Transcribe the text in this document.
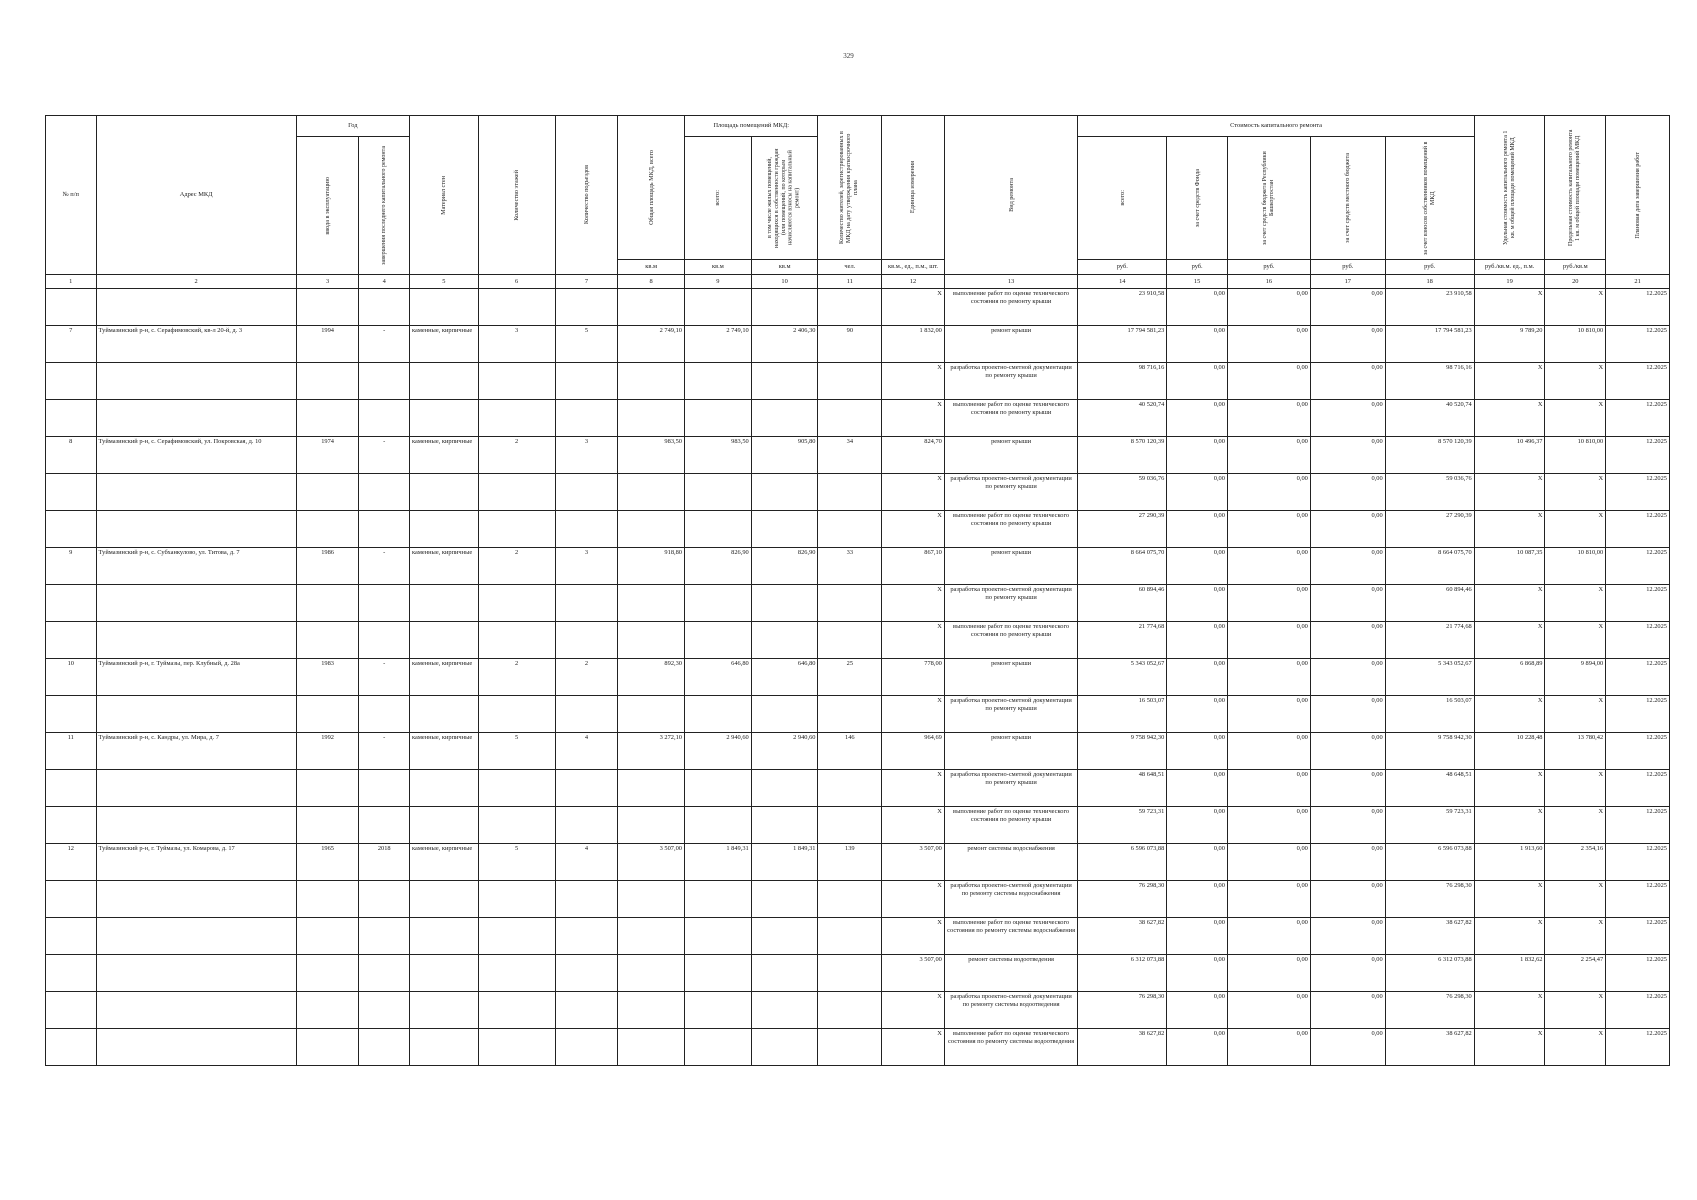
329
№ п/п	Адрес МКД	Год		Материал стен	Количество этажей	Количество подъездов	Общая площадь МКД, всего	Площадь помещений МКД:		Количество жителей, зарегистрированных в МКД на дату утверждения краткосрочного плана	Единица измерения	Вид ремонта	Стоимость капитального ремонта					Удельная стоимость капитального ремонта 1 кв. м общей площади помещений МКД	Предельная стоимость капитального ремонта 1 кв. м общей площади помещений МКД	Плановая дата завершения работ

		ввода в эксплуатацию	завершения последнего капитального ремонта					всего:	в том числе жилых помещений, находящихся в собственности граждан (или помещений, по которым начисляются взносы на капитальный ремонт)				всего:	за счет средств Фонда	за счет средств бюджета Республики Башкортостан	за счет средств местного бюджета	за счет взносов собственников помещений в МКД			

							кв.м	кв.м	кв.м	чел.	кв.м., ед., п.м., шт.		руб.	руб.	руб.	руб.	руб.	руб./кв.м. ед., п.м.	руб./кв.м	
1	2	3	4	5	6	7	8	9	10	11	12	13	14	15	16	17	18	19	20	21
											X	выполнение работ по оценке технического состояния по ремонту крыши	23 910,58	0,00	0,00	0,00	23 910,58	X	X	12.2025
7	Туймазинский р-н, с. Серафимовский, кв-л 20-й, д. 3	1994	-	каменные, кирпичные	3	5	2 749,10	2 749,10	2 406,30	90	1 832,00	ремонт крыши	17 794 581,23	0,00	0,00	0,00	17 794 581,23	9 789,20	10 810,00	12.2025
											X	разработка проектно-сметной документации по ремонту крыши	98 716,16	0,00	0,00	0,00	98 716,16	X	X	12.2025
											X	выполнение работ по оценке технического состояния по ремонту крыши	40 520,74	0,00	0,00	0,00	40 520,74	X	X	12.2025
8	Туймазинский р-н, с. Серафимовский, ул. Покровская, д. 10	1974	-	каменные, кирпичные	2	3	983,50	983,50	905,80	34	824,70	ремонт крыши	8 570 120,39	0,00	0,00	0,00	8 570 120,39	10 496,37	10 810,00	12.2025
											X	разработка проектно-сметной документации по ремонту крыши	59 036,76	0,00	0,00	0,00	59 036,76	X	X	12.2025
											X	выполнение работ по оценке технического состояния по ремонту крыши	27 290,39	0,00	0,00	0,00	27 290,39	X	X	12.2025
9	Туймазинский р-н, с. Субханкулово, ул. Титова, д. 7	1986	-	каменные, кирпичные	2	3	918,80	826,90	826,90	33	867,10	ремонт крыши	8 664 075,70	0,00	0,00	0,00	8 664 075,70	10 087,35	10 810,00	12.2025
											X	разработка проектно-сметной документации по ремонту крыши	60 894,46	0,00	0,00	0,00	60 894,46	X	X	12.2025
											X	выполнение работ по оценке технического состояния по ремонту крыши	21 774,68	0,00	0,00	0,00	21 774,68	X	X	12.2025
10	Туймазинский р-н, г. Туймазы, пер. Клубный, д. 28а	1983	-	каменные, кирпичные	2	2	892,30	646,80	646,80	25	778,00	ремонт крыши	5 343 052,67	0,00	0,00	0,00	5 343 052,67	6 868,89	9 894,00	12.2025
											X	разработка проектно-сметной документации по ремонту крыши	16 503,07	0,00	0,00	0,00	16 503,07	X	X	12.2025
11	Туймазинский р-н, с. Кандры, ул. Мира, д. 7	1992	-	каменные, кирпичные	5	4	3 272,10	2 940,60	2 940,60	146	964,69	ремонт крыши	9 758 942,30	0,00	0,00	0,00	9 758 942,30	10 228,48	13 780,42	12.2025
											X	разработка проектно-сметной документации по ремонту крыши	48 648,51	0,00	0,00	0,00	48 648,51	X	X	12.2025
											X	выполнение работ по оценке технического состояния по ремонту крыши	59 723,31	0,00	0,00	0,00	59 723,31	X	X	12.2025
12	Туймазинский р-н, г. Туймазы, ул. Комарова, д. 17	1965	2018	каменные, кирпичные	5	4	3 507,00	1 849,31	1 849,31	139	3 507,00	ремонт системы водоснабжения	6 596 073,88	0,00	0,00	0,00	6 596 073,88	1 913,60	2 354,16	12.2025
											X	разработка проектно-сметной документации по ремонту системы водоснабжения	76 298,30	0,00	0,00	0,00	76 298,30	X	X	12.2025
											X	выполнение работ по оценке технического состояния по ремонту системы водоснабжения	38 627,82	0,00	0,00	0,00	38 627,82	X	X	12.2025
											3 507,00	ремонт системы водоотведения	6 312 073,88	0,00	0,00	0,00	6 312 073,88	1 832,62	2 254,47	12.2025
											X	разработка проектно-сметной документации по ремонту системы водоотведения	76 298,30	0,00	0,00	0,00	76 298,30	X	X	12.2025
											X	выполнение работ по оценке технического состояния по ремонту системы водоотведения	38 627,82	0,00	0,00	0,00	38 627,82	X	X	12.2025
